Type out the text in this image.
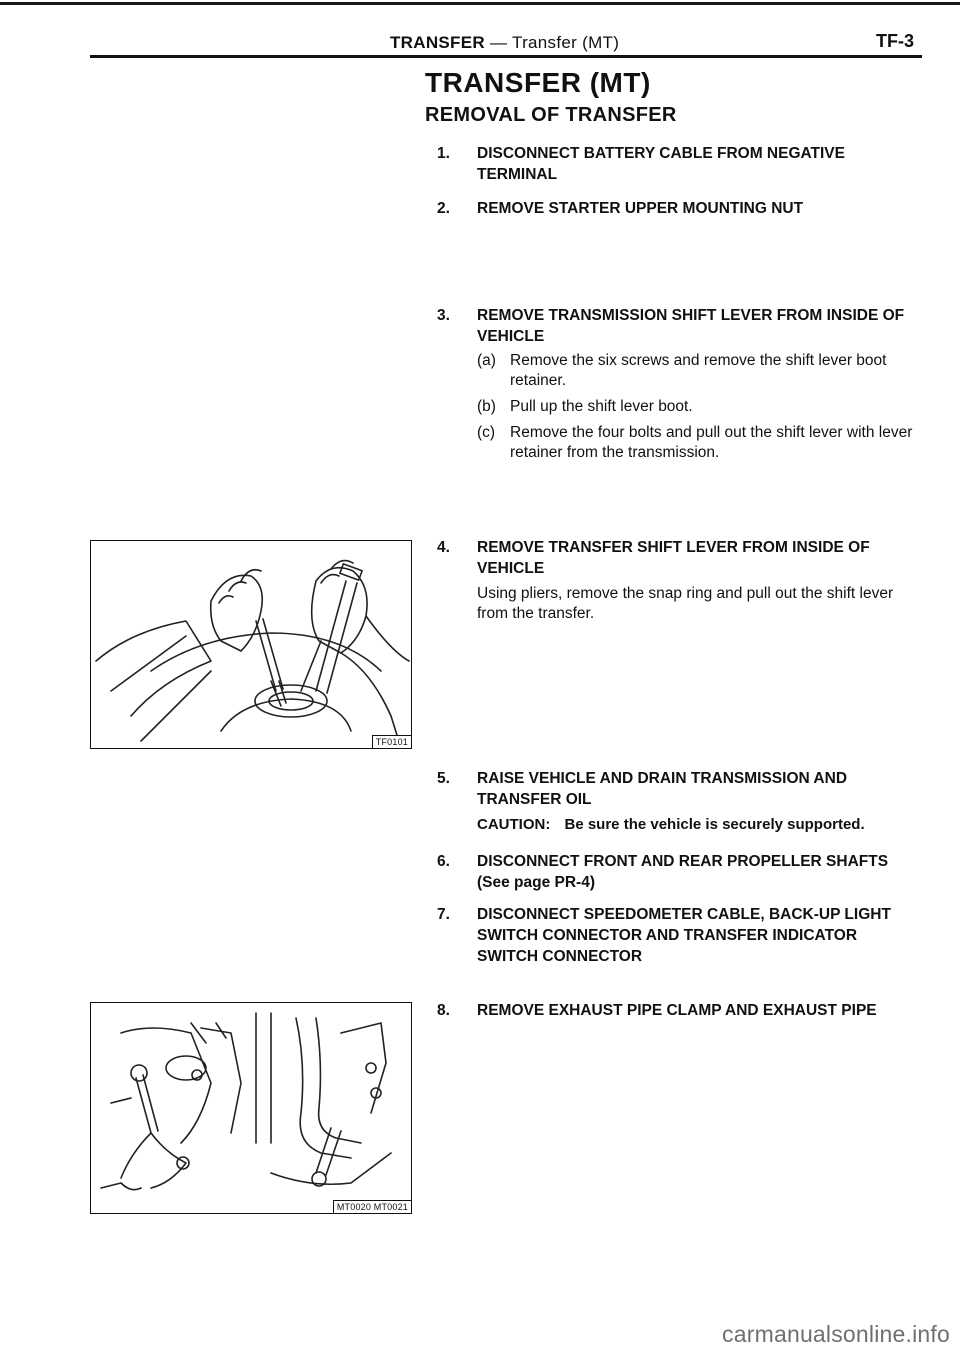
TRANSFER — Transfer (MT)	TF-3
TRANSFER (MT)
REMOVAL OF TRANSFER
1.	DISCONNECT BATTERY CABLE FROM NEGATIVE TERMINAL
2.	REMOVE STARTER UPPER MOUNTING NUT
3.	REMOVE TRANSMISSION SHIFT LEVER FROM INSIDE OF VEHICLE
(a) Remove the six screws and remove the shift lever boot retainer.
(b) Pull up the shift lever boot.
(c) Remove the four bolts and pull out the shift lever with lever retainer from the transmission.
4.	REMOVE TRANSFER SHIFT LEVER FROM INSIDE OF VEHICLE
Using pliers, remove the snap ring and pull out the shift lever from the transfer.
5.	RAISE VEHICLE AND DRAIN TRANSMISSION AND TRANSFER OIL
CAUTION: Be sure the vehicle is securely supported.
6.	DISCONNECT FRONT AND REAR PROPELLER SHAFTS (See page PR-4)
7.	DISCONNECT SPEEDOMETER CABLE, BACK-UP LIGHT SWITCH CONNECTOR AND TRANSFER INDICATOR SWITCH CONNECTOR
8.	REMOVE EXHAUST PIPE CLAMP AND EXHAUST PIPE
TF0101
MT0020 MT0021
carmanualsonline.info
